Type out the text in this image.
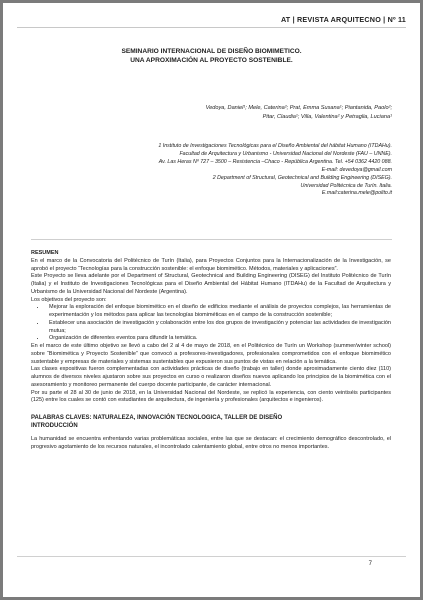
AT | REVISTA ARQUITECNO | Nº 11
SEMINARIO INTERNACIONAL DE DISEÑO BIOMIMETICO.
UNA APROXIMACIÓN AL PROYECTO SOSTENIBLE.
Vedoya, Daniel¹; Mele, Caterina²; Prat, Emma Susana¹; Piantanida, Paolo²;
Pitar, Claudia¹; Villa, Valentina² y Petraglia, Luciana¹
1 Instituto de Investigaciones Tecnológicas para el Diseño Ambiental del hábitat Humano (ITDAHu).
Facultad de Arquitectura y Urbanismo - Universidad Nacional del Nordeste (FAU – UNNE).
Av. Las Heras Nº 727 – 3500 – Resistencia –Chaco - República Argentina. Tel. +54 0362 4420 088.
E-mail: devedoya@gmail.com
2 Department of Structural, Geotechnical and Building Engineering (DISEG).
Universidad Politécnica de Turín. Italia.
E.mail:caterina.mele@polito.it

RESUMEN

En el marco de la Convocatoria del Politécnico de Turín (Italia), para Proyectos Conjuntos para la Internacionalización de la Investigación, se aprobó el proyecto “Tecnologías para la construcción sostenible: el enfoque biomimético. Métodos, materiales y aplicaciones”.

Este Proyecto se lleva adelante por el Department of Structural, Geotechnical and Building Engineering (DISEG) del Instituto Politécnico de Turín (Italia) y el Instituto de Investigaciones Tecnológicas para el Diseño Ambiental del Hábitat Humano (ITDAHu) de la Facultad de Arquitectura y Urbanismo de la Universidad Nacional del Nordeste (Argentina).

Los objetivos del proyecto son:

• Mejorar la exploración del enfoque biomimético en el diseño de edificios mediante el análisis de proyectos complejos, las herramientas de experimentación y los métodos para aplicar las tecnologías biomiméticas en el campo de la construcción sostenible;
• Establecer una asociación de investigación y colaboración entre los dos grupos de investigación y potenciar las actividades de investigación mutua;
• Organización de diferentes eventos para difundir la temática.

En el marco de este último objetivo se llevó a cabo del 2 al 4 de mayo de 2018, en el Politécnico de Turín un Workshop (summer/winter school) sobre “Biomimética y Proyecto Sostenible” que convocó a profesores-investigadores, profesionales comprometidos con el enfoque biomimético sustentable y empresas de materiales y sistemas sustentables que expusieron sus puntos de vistas en relación a la temática.

Las clases expositivas fueron complementadas con actividades prácticas de diseño (trabajo en taller) donde aproximadamente ciento diez (110) alumnos de diversos niveles ajustaron sobre sus proyectos en curso o realizaron diseños nuevos aplicando los principios de la biomimética con el asesoramiento y monitoreo permanente del cuerpo docente participante, de carácter internacional.

Por su parte el 28 al 30 de junio de 2018, en la Universidad Nacional del Nordeste, se replicó la experiencia, con ciento veintiséis participantes (125) entre los cuales se contó con estudiantes de arquitectura, de ingeniería y profesionales (arquitectos e ingenieros).

PALABRAS CLAVES: NATURALEZA, INNOVACIÓN TECNOLOGICA, TALLER DE DISEÑO

INTRODUCCIÓN

La humanidad se encuentra enfrentando varias problemáticas sociales, entre las que se destacan: el crecimiento demográfico descontrolado, el progresivo agotamiento de los recursos naturales, el incontrolado calentamiento global, entre otros no menos importantes.

7
